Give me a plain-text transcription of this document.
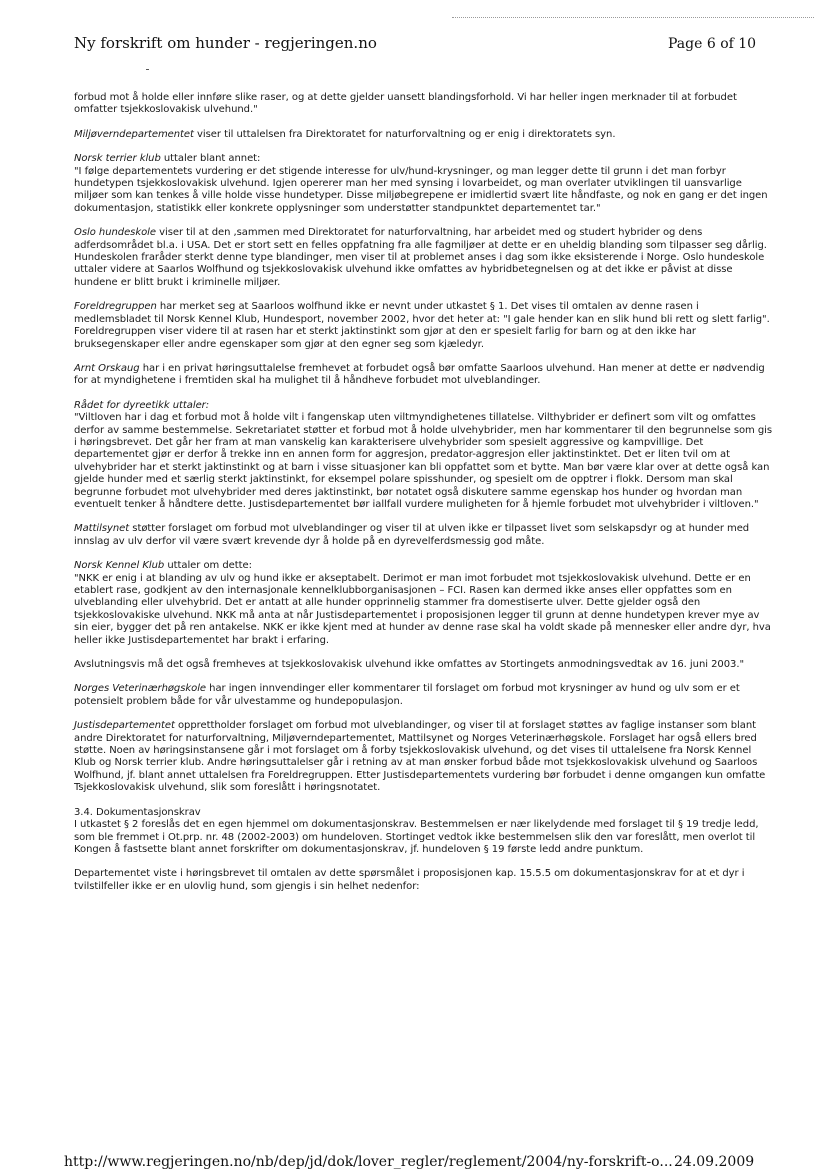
Ny forskrift om hunder - regjeringen.no	Page 6 of 10

forbud mot å holde eller innføre slike raser, og at dette gjelder uansett blandingsforhold. Vi har heller ingen merknader til at forbudet omfatter tsjekkoslovakisk ulvehund."

Miljøverndepartementet viser til uttalelsen fra Direktoratet for naturforvaltning og er enig i direktoratets syn.

Norsk terrier klub uttaler blant annet:

"I følge departementets vurdering er det stigende interesse for ulv/hund-krysninger, og man legger dette til grunn i det man forbyr hundetypen tsjekkoslovakisk ulvehund. Igjen opererer man her med synsing i lovarbeidet, og man overlater utviklingen til uansvarlige miljøer som kan tenkes å ville holde visse hundetyper. Disse miljøbegrepene er imidlertid svært lite håndfaste, og nok en gang er det ingen dokumentasjon, statistikk eller konkrete opplysninger som understøtter standpunktet departementet tar."

Oslo hundeskole viser til at den ,sammen med Direktoratet for naturforvaltning, har arbeidet med og studert hybrider og dens adferdsområdet bl.a. i USA. Det er stort sett en felles oppfatning fra alle fagmiljøer at dette er en uheldig blanding som tilpasser seg dårlig. Hundeskolen fraråder sterkt denne type blandinger, men viser til at problemet anses i dag som ikke eksisterende i Norge. Oslo hundeskole uttaler videre at Saarlos Wolfhund og tsjekkoslovakisk ulvehund ikke omfattes av hybridbetegnelsen og at det ikke er påvist at disse hundene er blitt brukt i kriminelle miljøer.

Foreldregruppen har merket seg at Saarloos wolfhund ikke er nevnt under utkastet § 1. Det vises til omtalen av denne rasen i medlemsbladet til Norsk Kennel Klub, Hundesport, november 2002, hvor det heter at: "I gale hender kan en slik hund bli rett og slett farlig". Foreldregruppen viser videre til at rasen har et sterkt jaktinstinkt som gjør at den er spesielt farlig for barn og at den ikke har bruksegenskaper eller andre egenskaper som gjør at den egner seg som kjæledyr.

Arnt Orskaug har i en privat høringsuttalelse fremhevet at forbudet også bør omfatte Saarloos ulvehund. Han mener at dette er nødvendig for at myndighetene i fremtiden skal ha mulighet til å håndheve forbudet mot ulveblandinger.

Rådet for dyreetikk uttaler:

"Viltloven har i dag et forbud mot å holde vilt i fangenskap uten viltmyndighetenes tillatelse. Vilthybrider er definert som vilt og omfattes derfor av samme bestemmelse. Sekretariatet støtter et forbud mot å holde ulvehybrider, men har kommentarer til den begrunnelse som gis i høringsbrevet. Det går her fram at man vanskelig kan karakterisere ulvehybrider som spesielt aggressive og kampvillige. Det departementet gjør er derfor å trekke inn en annen form for aggresjon, predator-aggresjon eller jaktinstinktet. Det er liten tvil om at ulvehybrider har et sterkt jaktinstinkt og at barn i visse situasjoner kan bli oppfattet som et bytte. Man bør være klar over at dette også kan gjelde hunder med et særlig sterkt jaktinstinkt, for eksempel polare spisshunder, og spesielt om de opptrer i flokk. Dersom man skal begrunne forbudet mot ulvehybrider med deres jaktinstinkt, bør notatet også diskutere samme egenskap hos hunder og hvordan man eventuelt tenker å håndtere dette. Justisdepartementet bør iallfall vurdere muligheten for å hjemle forbudet mot ulvehybrider i viltloven."

Mattilsynet støtter forslaget om forbud mot ulveblandinger og viser til at ulven ikke er tilpasset livet som selskapsdyr og at hunder med innslag av ulv derfor vil være svært krevende dyr å holde på en dyrevelferdsmessig god måte.

Norsk Kennel Klub uttaler om dette:

"NKK er enig i at blanding av ulv og hund ikke er akseptabelt. Derimot er man imot forbudet mot tsjekkoslovakisk ulvehund. Dette er en etablert rase, godkjent av den internasjonale kennelklubborganisasjonen – FCI. Rasen kan dermed ikke anses eller oppfattes som en ulveblanding eller ulvehybrid. Det er antatt at alle hunder opprinnelig stammer fra domestiserte ulver. Dette gjelder også den tsjekkoslovakiske ulvehund. NKK må anta at når Justisdepartementet i proposisjonen legger til grunn at denne hundetypen krever mye av sin eier, bygger det på ren antakelse. NKK er ikke kjent med at hunder av denne rase skal ha voldt skade på mennesker eller andre dyr, hva heller ikke Justisdepartementet har brakt i erfaring.

Avslutningsvis må det også fremheves at tsjekkoslovakisk ulvehund ikke omfattes av Stortingets anmodningsvedtak av 16. juni 2003."

Norges Veterinærhøgskole har ingen innvendinger eller kommentarer til forslaget om forbud mot krysninger av hund og ulv som er et potensielt problem både for vår ulvestamme og hundepopulasjon.

Justisdepartementet opprettholder forslaget om forbud mot ulveblandinger, og viser til at forslaget støttes av faglige instanser som blant andre Direktoratet for naturforvaltning, Miljøverndepartementet, Mattilsynet og Norges Veterinærhøgskole. Forslaget har også ellers bred støtte. Noen av høringsinstansene går i mot forslaget om å forby tsjekkoslovakisk ulvehund, og det vises til uttalelsene fra Norsk Kennel Klub og Norsk terrier klub. Andre høringsuttalelser går i retning av at man ønsker forbud både mot tsjekkoslovakisk ulvehund og Saarloos Wolfhund, jf. blant annet uttalelsen fra Foreldregruppen. Etter Justisdepartementets vurdering bør forbudet i denne omgangen kun omfatte Tsjekkoslovakisk ulvehund, slik som foreslått i høringsnotatet.

3.4. Dokumentasjonskrav

I utkastet § 2 foreslås det en egen hjemmel om dokumentasjonskrav. Bestemmelsen er nær likelydende med forslaget til § 19 tredje ledd, som ble fremmet i Ot.prp. nr. 48 (2002-2003) om hundeloven. Stortinget vedtok ikke bestemmelsen slik den var foreslått, men overlot til Kongen å fastsette blant annet forskrifter om dokumentasjonskrav, jf. hundeloven § 19 første ledd andre punktum.

Departementet viste i høringsbrevet til omtalen av dette spørsmålet i proposisjonen kap. 15.5.5 om dokumentasjonskrav for at et dyr i tvilstilfeller ikke er en ulovlig hund, som gjengis i sin helhet nedenfor:

http://www.regjeringen.no/nb/dep/jd/dok/lover_regler/reglement/2004/ny-forskrift-o... 24.09.2009
